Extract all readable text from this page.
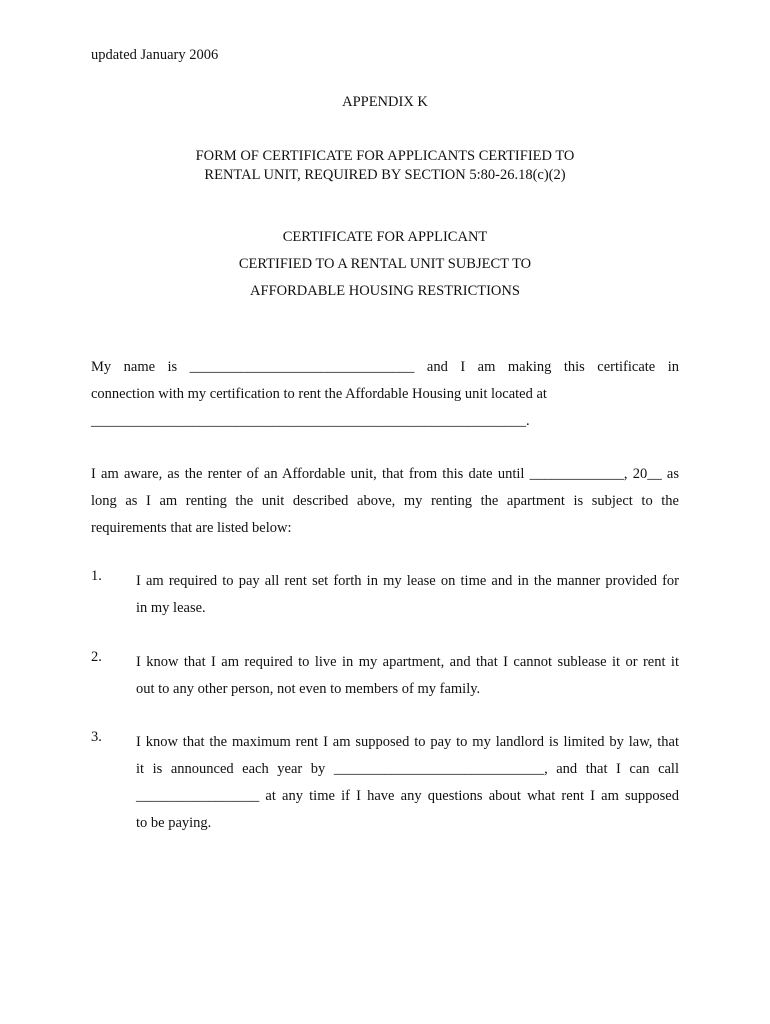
updated January 2006
APPENDIX K
FORM OF CERTIFICATE FOR APPLICANTS CERTIFIED TO
RENTAL UNIT, REQUIRED BY SECTION 5:80-26.18(c)(2)
CERTIFICATE FOR APPLICANT
CERTIFIED TO A RENTAL UNIT SUBJECT TO
AFFORDABLE HOUSING RESTRICTIONS
My name is _______________________________ and I am making this certificate in
connection with my certification to rent the Affordable Housing unit located at
____________________________________________________________.
I am aware, as the renter of an Affordable unit, that from this date until _____________, 20__ as
long as I am renting the unit described above, my renting the apartment is subject to the
requirements that are listed below:
1. I am required to pay all rent set forth in my lease on time and in the manner provided for
in my lease.
2. I know that I am required to live in my apartment, and that I cannot sublease it or rent it
out to any other person, not even to members of my family.
3. I know that the maximum rent I am supposed to pay to my landlord is limited by law, that
it is announced each year by _____________________________, and that I can call
_________________ at any time if I have any questions about what rent I am supposed
to be paying.
